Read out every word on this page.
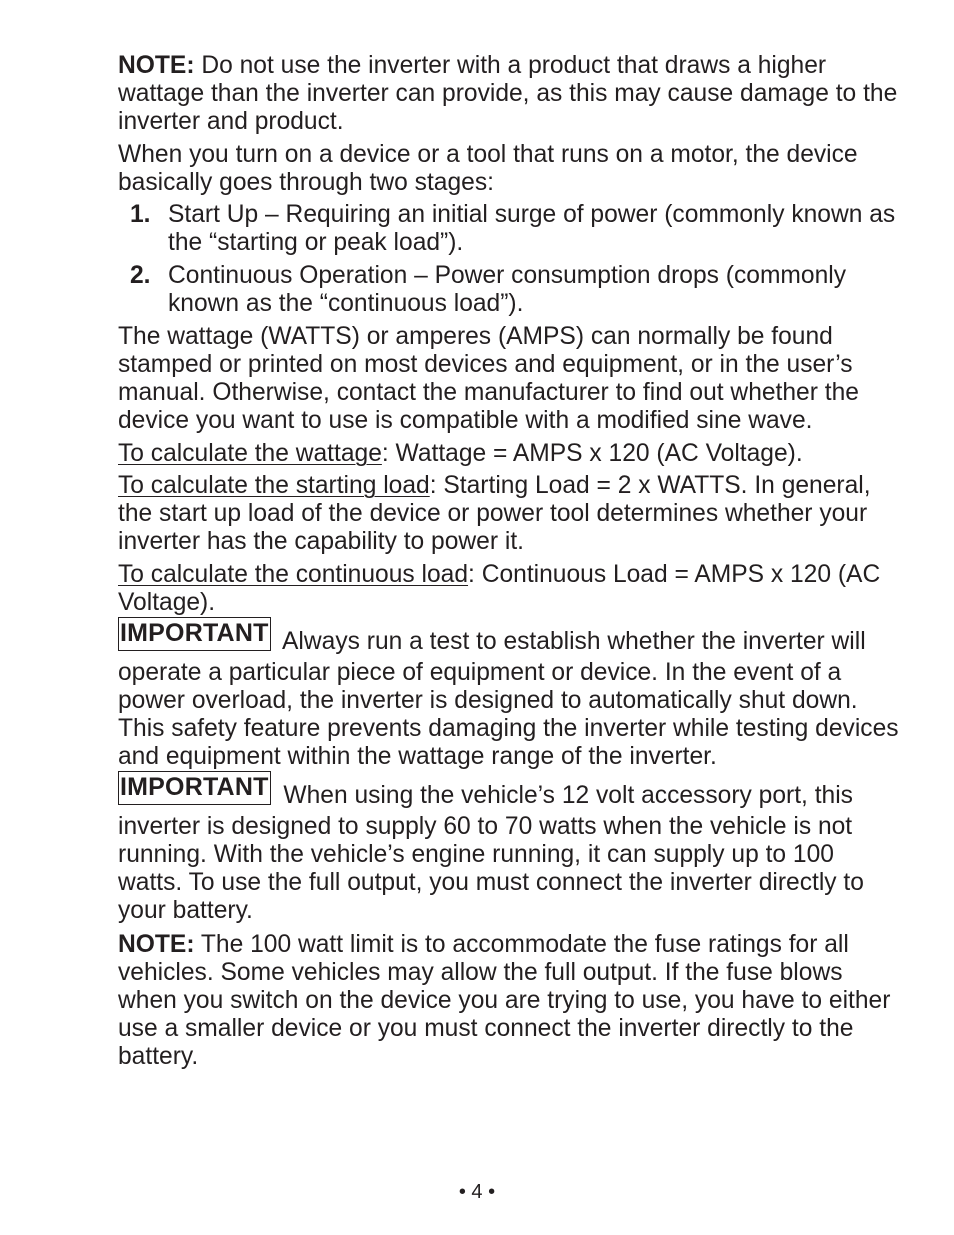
NOTE: Do not use the inverter with a product that draws a higher wattage than the inverter can provide, as this may cause damage to the inverter and product.

When you turn on a device or a tool that runs on a motor, the device basically goes through two stages:

1. Start Up – Requiring an initial surge of power (commonly known as the “starting or peak load”).
2. Continuous Operation – Power consumption drops (commonly known as the “continuous load”).

The wattage (WATTS) or amperes (AMPS) can normally be found stamped or printed on most devices and equipment, or in the user’s manual. Otherwise, contact the manufacturer to find out whether the device you want to use is compatible with a modified sine wave.

To calculate the wattage: Wattage = AMPS x 120 (AC Voltage).

To calculate the starting load: Starting Load = 2 x WATTS. In general, the start up load of the device or power tool determines whether your inverter has the capability to power it.

To calculate the continuous load: Continuous Load = AMPS x 120 (AC Voltage).

IMPORTANT Always run a test to establish whether the inverter will operate a particular piece of equipment or device. In the event of a power overload, the inverter is designed to automatically shut down. This safety feature prevents damaging the inverter while testing devices and equipment within the wattage range of the inverter.

IMPORTANT When using the vehicle’s 12 volt accessory port, this inverter is designed to supply 60 to 70 watts when the vehicle is not running. With the vehicle’s engine running, it can supply up to 100 watts. To use the full output, you must connect the inverter directly to your battery.

NOTE: The 100 watt limit is to accommodate the fuse ratings for all vehicles. Some vehicles may allow the full output. If the fuse blows when you switch on the device you are trying to use, you have to either use a smaller device or you must connect the inverter directly to the battery.

• 4 •
